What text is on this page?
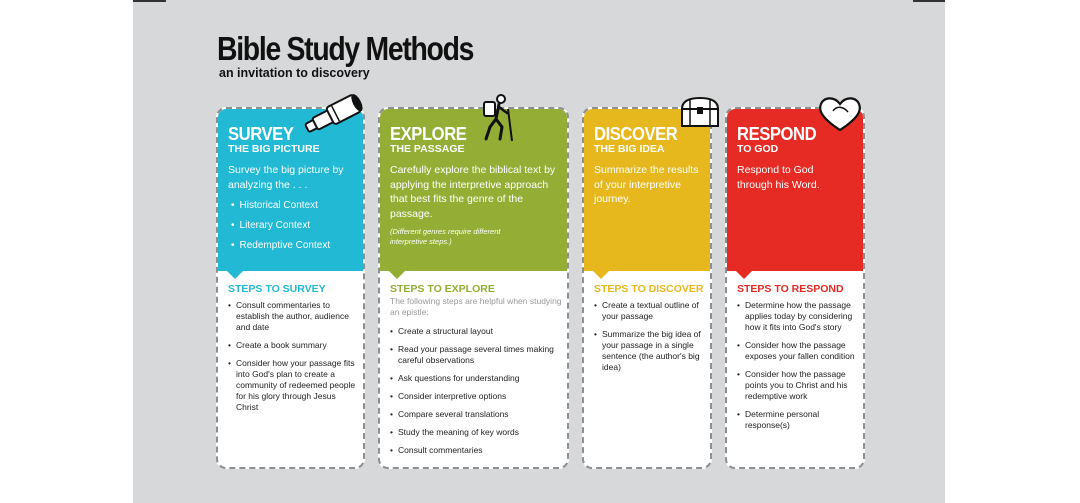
Bible Study Methods
an invitation to discovery
SURVEY
THE BIG PICTURE
Survey the big picture by analyzing the . . .
• Historical Context
• Literary Context
• Redemptive Context
STEPS TO SURVEY
• Consult commentaries to establish the author, audience and date
• Create a book summary
• Consider how your passage fits into God's plan to create a community of redeemed people for his glory through Jesus Christ
EXPLORE
THE PASSAGE
Carefully explore the biblical text by applying the interpretive approach that best fits the genre of the passage.
(Different genres require different interpretive steps.)
STEPS TO EXPLORE
The following steps are helpful when studying an epistle:
• Create a structural layout
• Read your passage several times making careful observations
• Ask questions for understanding
• Consider interpretive options
• Compare several translations
• Study the meaning of key words
• Consult commentaries
DISCOVER
THE BIG IDEA
Summarize the results of your interpretive journey.
STEPS TO DISCOVER
• Create a textual outline of your passage
• Summarize the big idea of your passage in a single sentence (the author's big idea)
RESPOND
TO GOD
Respond to God through his Word.
STEPS TO RESPOND
• Determine how the passage applies today by considering how it fits into God's story
• Consider how the passage exposes your fallen condition
• Consider how the passage points you to Christ and his redemptive work
• Determine personal response(s)
